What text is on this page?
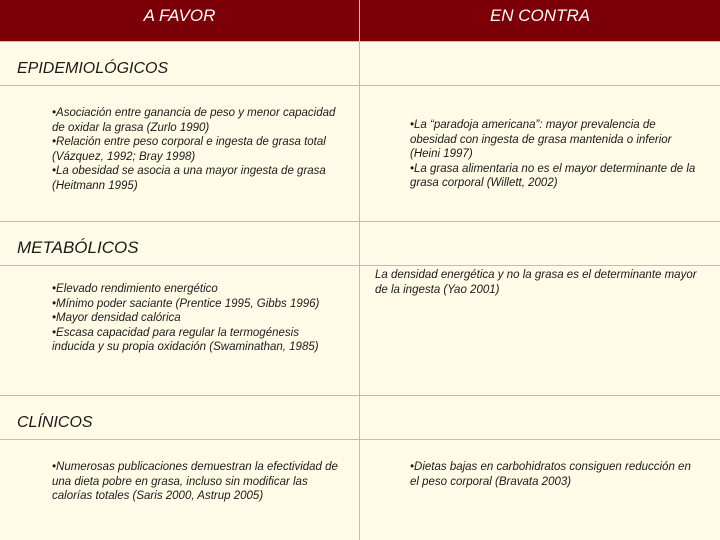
A FAVOR	EN CONTRA
EPIDEMIOLÓGICOS
•Asociación entre ganancia de peso y menor capacidad de oxidar la grasa (Zurlo 1990)
•Relación entre peso corporal e ingesta de grasa total (Vázquez, 1992; Bray 1998)
•La obesidad se asocia a una mayor ingesta de grasa (Heitmann 1995)
•La “paradoja americana”: mayor prevalencia de obesidad con ingesta de grasa mantenida o inferior (Heini 1997)
•La grasa alimentaria no es el mayor determinante de la grasa corporal (Willett, 2002)
METABÓLICOS
•Elevado rendimiento energético
•Mínimo poder saciante (Prentice 1995, Gibbs 1996)
•Mayor densidad calórica
•Escasa capacidad para regular la termogénesis inducida y su propia oxidación (Swaminathan, 1985)
La densidad energética y no la grasa es el determinante mayor de la ingesta (Yao 2001)
CLÍNICOS
•Numerosas publicaciones demuestran la efectividad de una dieta pobre en grasa, incluso sin modificar las calorías totales (Saris 2000, Astrup 2005)
•Dietas bajas en carbohidratos consiguen reducción en el peso corporal (Bravata 2003)
